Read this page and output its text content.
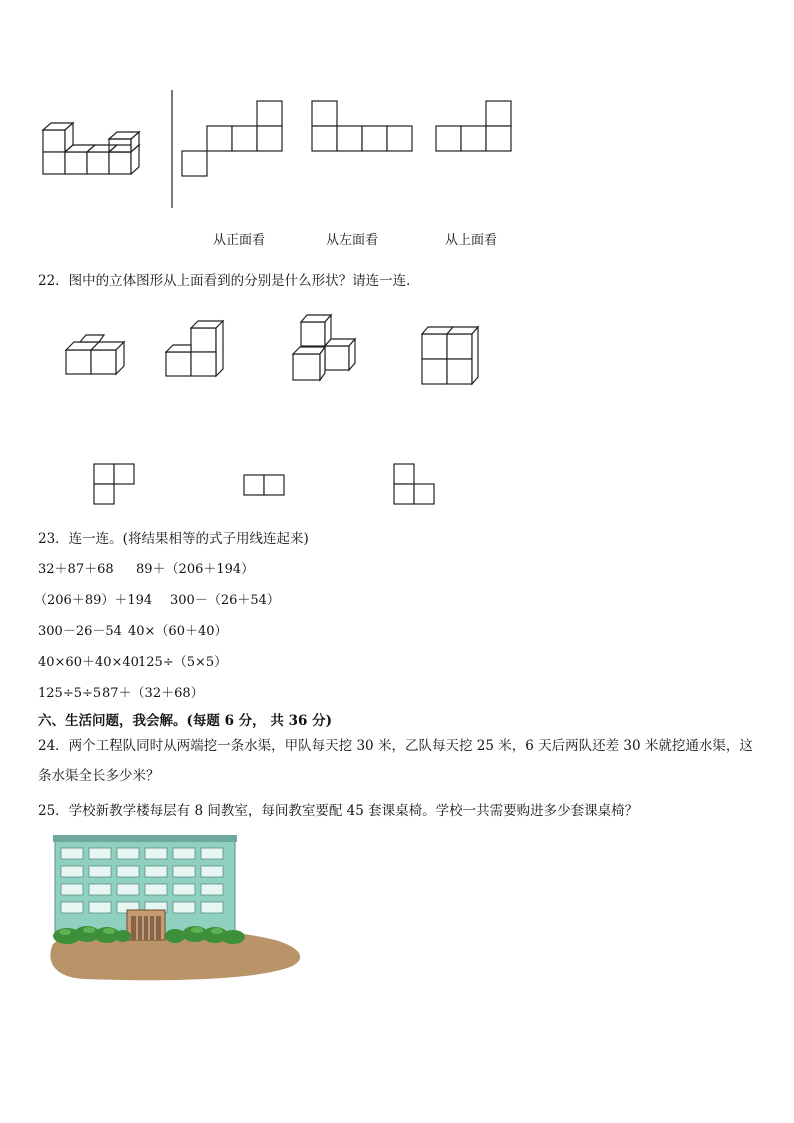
从正面看	从左面看	从上面看
22．图中的立体图形从上面看到的分别是什么形状？请连一连．
23．连一连。(将结果相等的式子用线连起来)
32＋87＋68 89＋（206＋194）
（206＋89）＋194 300－（26＋54）
300－26－54 40×（60＋40）
40×60＋40×40 125÷（5×5）
125÷5÷5 87＋（32＋68）
六、生活问题，我会解。(每题 6 分， 共 36 分)
24．两个工程队同时从两端挖一条水渠，甲队每天挖 30 米，乙队每天挖 25 米，6 天后两队还差 30 米就挖通水渠，这
条水渠全长多少米？
25．学校新教学楼每层有 8 间教室，每间教室要配 45 套课桌椅。学校一共需要购进多少套课桌椅？
